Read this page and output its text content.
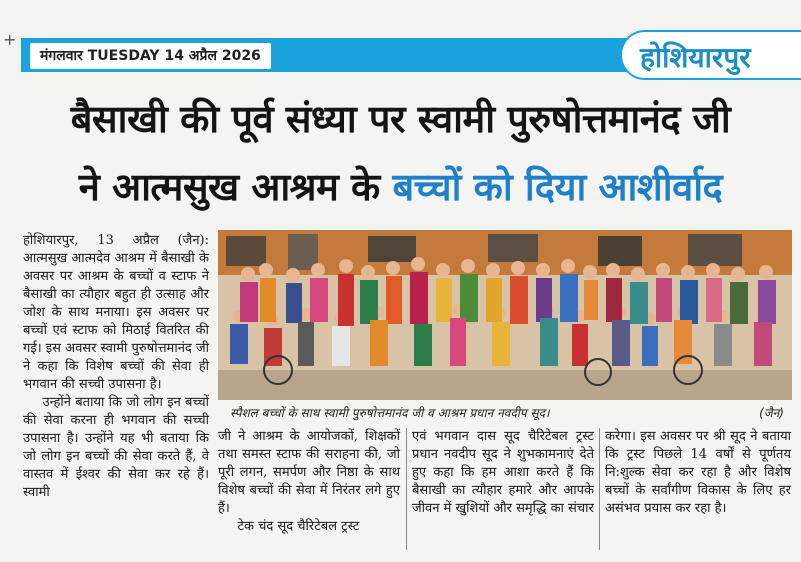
+
मंगलवार TUESDAY 14 अप्रैल 2026	होशियारपुर
बैसाखी की पूर्व संध्या पर स्वामी पुरुषोत्तमानंद जी
ने आत्मसुख आश्रम के बच्चों को दिया आशीर्वाद

होशियारपुर, 13 अप्रैल (जैन): आत्मसुख आत्मदेव आश्रम में बैसाखी के अवसर पर आश्रम के बच्चों व स्टाफ ने बैसाखी का त्यौहार बहुत ही उत्साह और जोश के साथ मनाया। इस अवसर पर बच्चों एवं स्टाफ को मिठाई वितरित की गई। इस अवसर स्वामी पुरुषोत्तमानंद जी ने कहा कि विशेष बच्चों की सेवा ही भगवान की सच्ची उपासना है।

उन्होंने बताया कि जो लोग इन बच्चों की सेवा करना ही भगवान की सच्ची उपासना है। उन्होंने यह भी बताया कि जो लोग इन बच्चों की सेवा करते हैं, वे वास्तव में ईश्वर की सेवा कर रहे हैं। स्वामी

स्पैशल बच्चों के साथ स्वामी पुरुषोत्तमानंद जी व आश्रम प्रधान नवदीप सूद।	(जैन)

जी ने आश्रम के आयोजकों, शिक्षकों तथा समस्त स्टाफ की सराहना की, जो पूरी लगन, समर्पण और निष्ठा के साथ विशेष बच्चों की सेवा में निरंतर लगे हुए हैं।

टेक चंद सूद चैरिटेबल ट्रस्ट

एवं भगवान दास सूद चैरिटेबल ट्रस्ट प्रधान नवदीप सूद ने शुभकामनाएं देते हुए कहा कि हम आशा करते हैं कि बैसाखी का त्यौहार हमारे और आपके जीवन में खुशियों और समृद्धि का संचार

करेगा। इस अवसर पर श्री सूद ने बताया कि ट्रस्ट पिछले 14 वर्षों से पूर्णतय नि:शुल्क सेवा कर रहा है और विशेष बच्चों के सर्वांगीण विकास के लिए हर असंभव प्रयास कर रहा है।
